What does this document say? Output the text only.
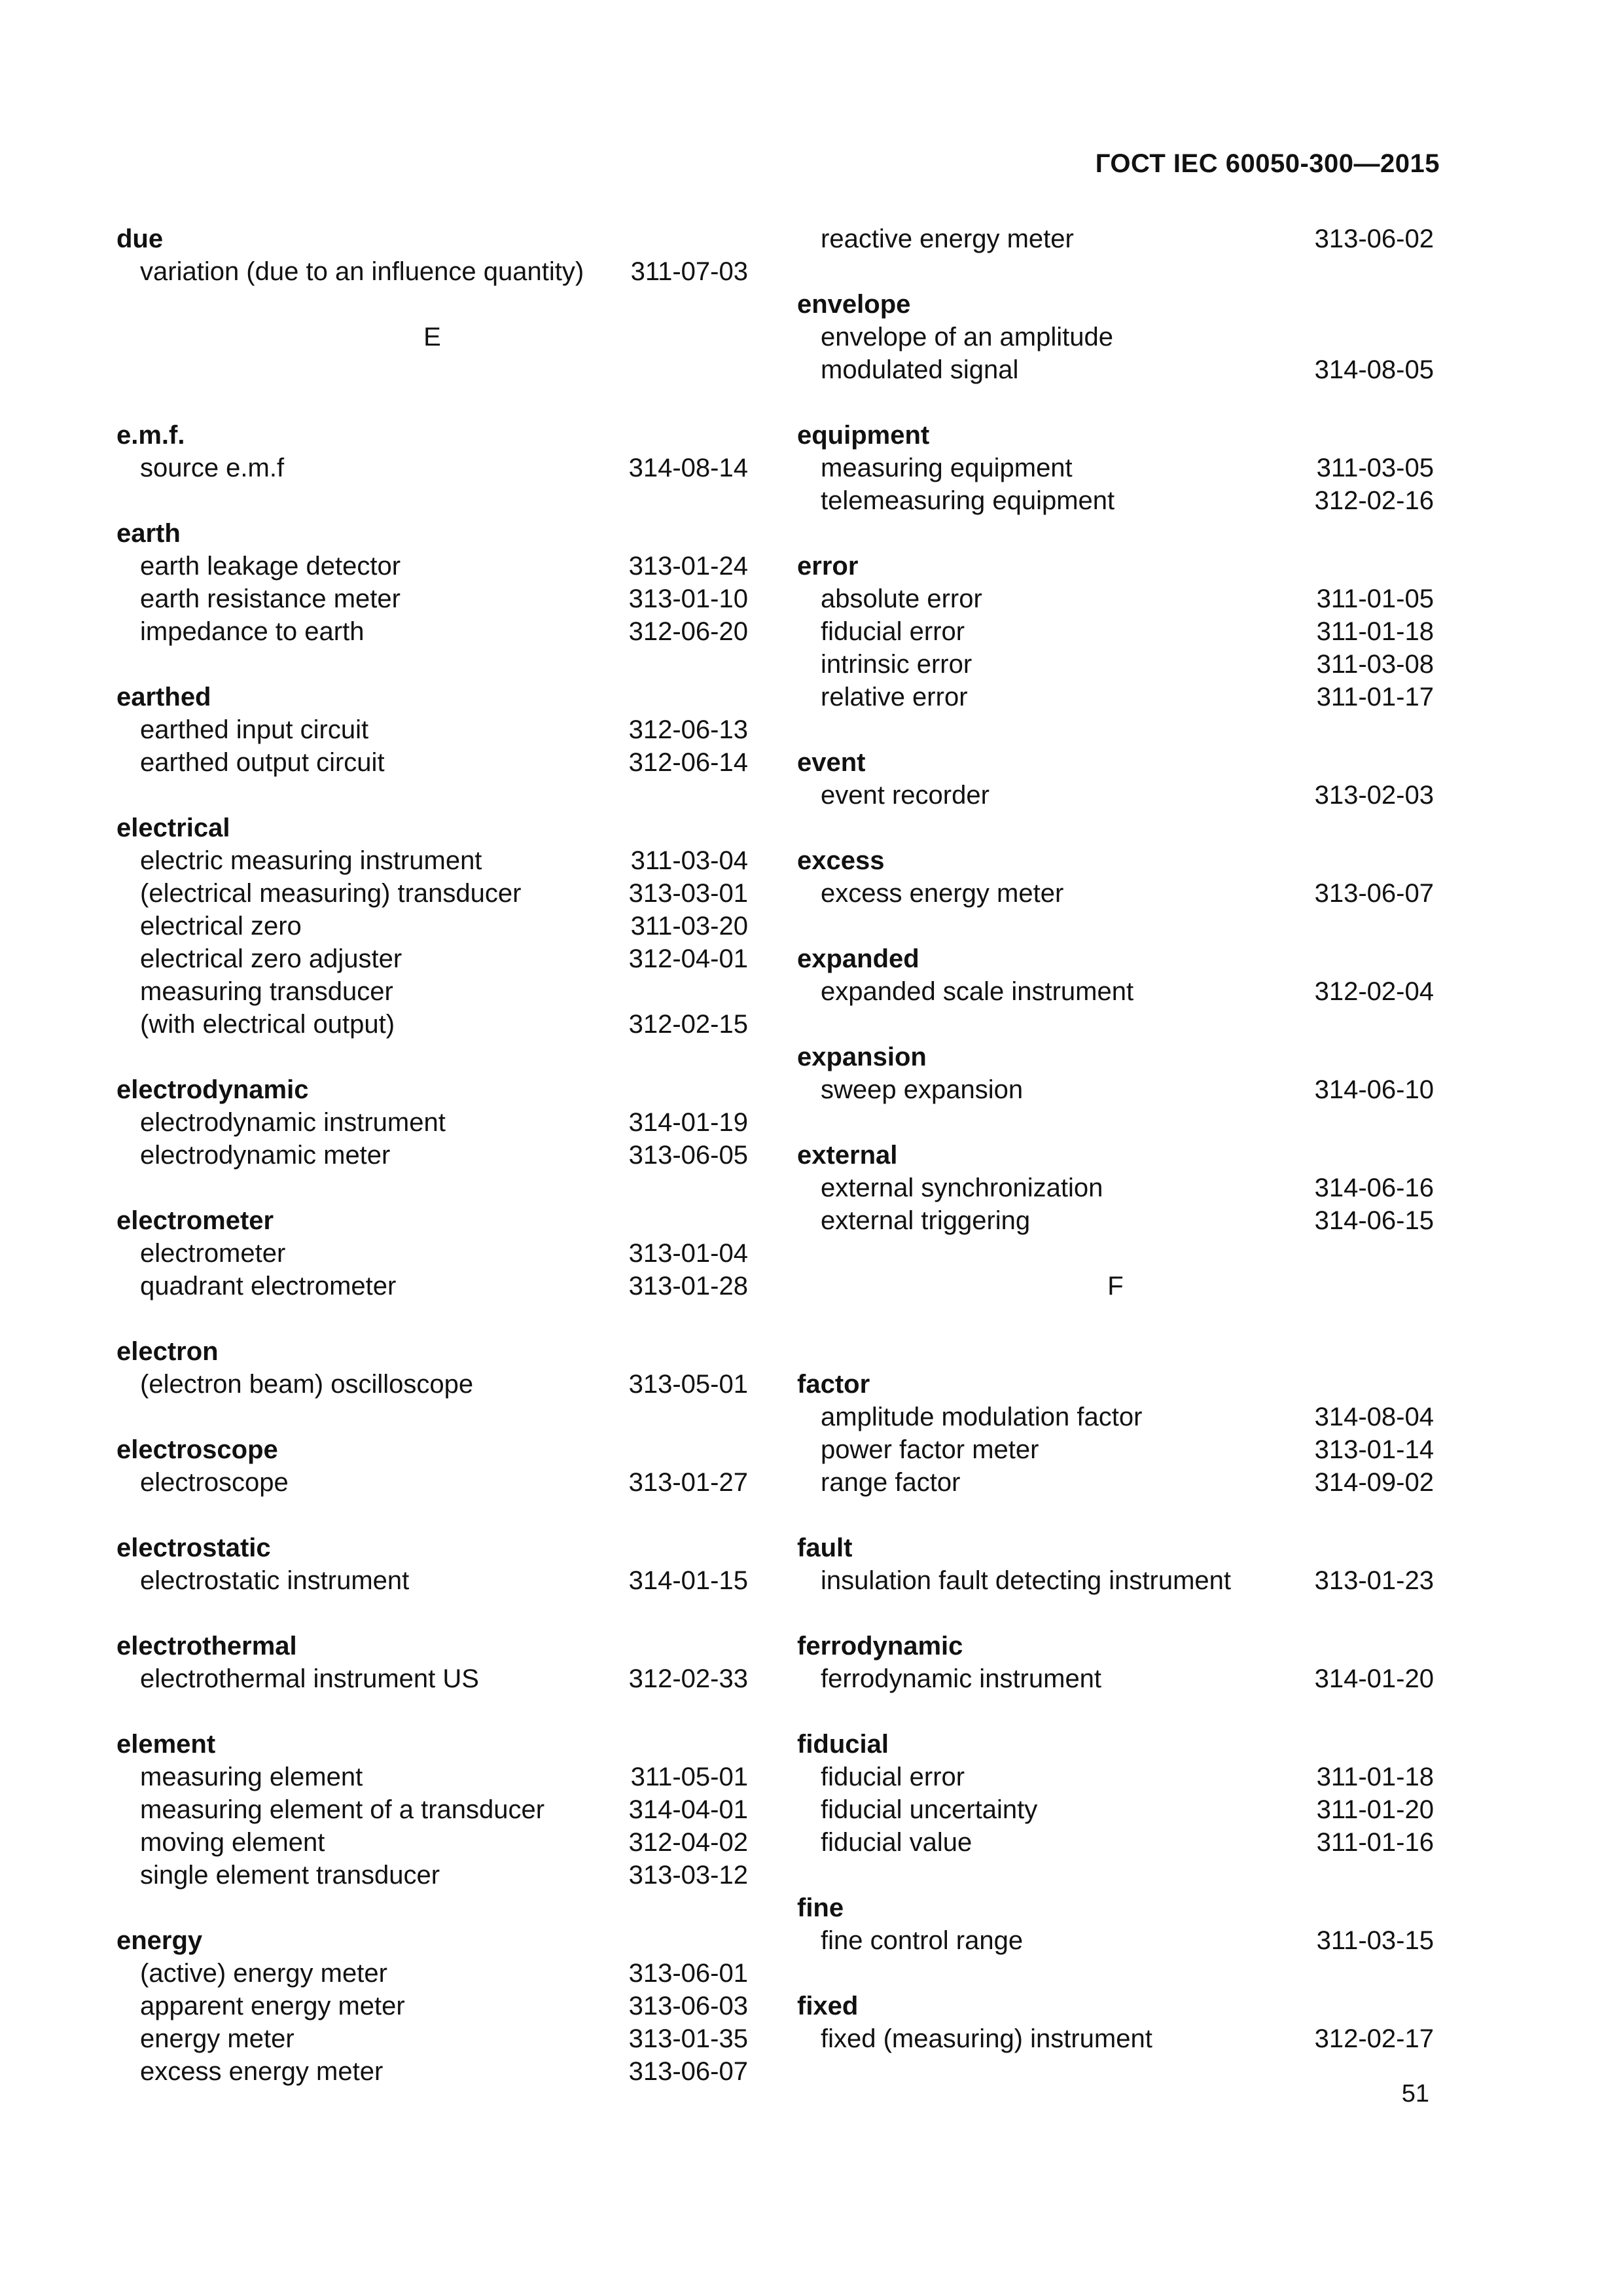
ГОСТ IEC 60050-300—2015
due
variation (due to an influence quantity)	311-07-03
E
e.m.f.
source e.m.f	314-08-14
earth
earth leakage detector	313-01-24
earth resistance meter	313-01-10
impedance to earth	312-06-20
earthed
earthed input circuit	312-06-13
earthed output circuit	312-06-14
electrical
electric measuring instrument	311-03-04
(electrical measuring) transducer	313-03-01
electrical zero	311-03-20
electrical zero adjuster	312-04-01
measuring transducer
(with electrical output)	312-02-15
electrodynamic
electrodynamic instrument	314-01-19
electrodynamic meter	313-06-05
electrometer
electrometer	313-01-04
quadrant electrometer	313-01-28
electron
(electron beam) oscilloscope	313-05-01
electroscope
electroscope	313-01-27
electrostatic
electrostatic instrument	314-01-15
electrothermal
electrothermal instrument US	312-02-33
element
measuring element	311-05-01
measuring element of a transducer	314-04-01
moving element	312-04-02
single element transducer	313-03-12
energy
(active) energy meter	313-06-01
apparent energy meter	313-06-03
energy meter	313-01-35
excess energy meter	313-06-07
reactive energy meter	313-06-02
envelope
envelope of an amplitude
modulated signal	314-08-05
equipment
measuring equipment	311-03-05
telemeasuring equipment	312-02-16
error
absolute error	311-01-05
fiducial error	311-01-18
intrinsic error	311-03-08
relative error	311-01-17
event
event recorder	313-02-03
excess
excess energy meter	313-06-07
expanded
expanded scale instrument	312-02-04
expansion
sweep expansion	314-06-10
external
external synchronization	314-06-16
external triggering	314-06-15
F
factor
amplitude modulation factor	314-08-04
power factor meter	313-01-14
range factor	314-09-02
fault
insulation fault detecting instrument	313-01-23
ferrodynamic
ferrodynamic instrument	314-01-20
fiducial
fiducial error	311-01-18
fiducial uncertainty	311-01-20
fiducial value	311-01-16
fine
fine control range	311-03-15
fixed
fixed (measuring) instrument	312-02-17
51
